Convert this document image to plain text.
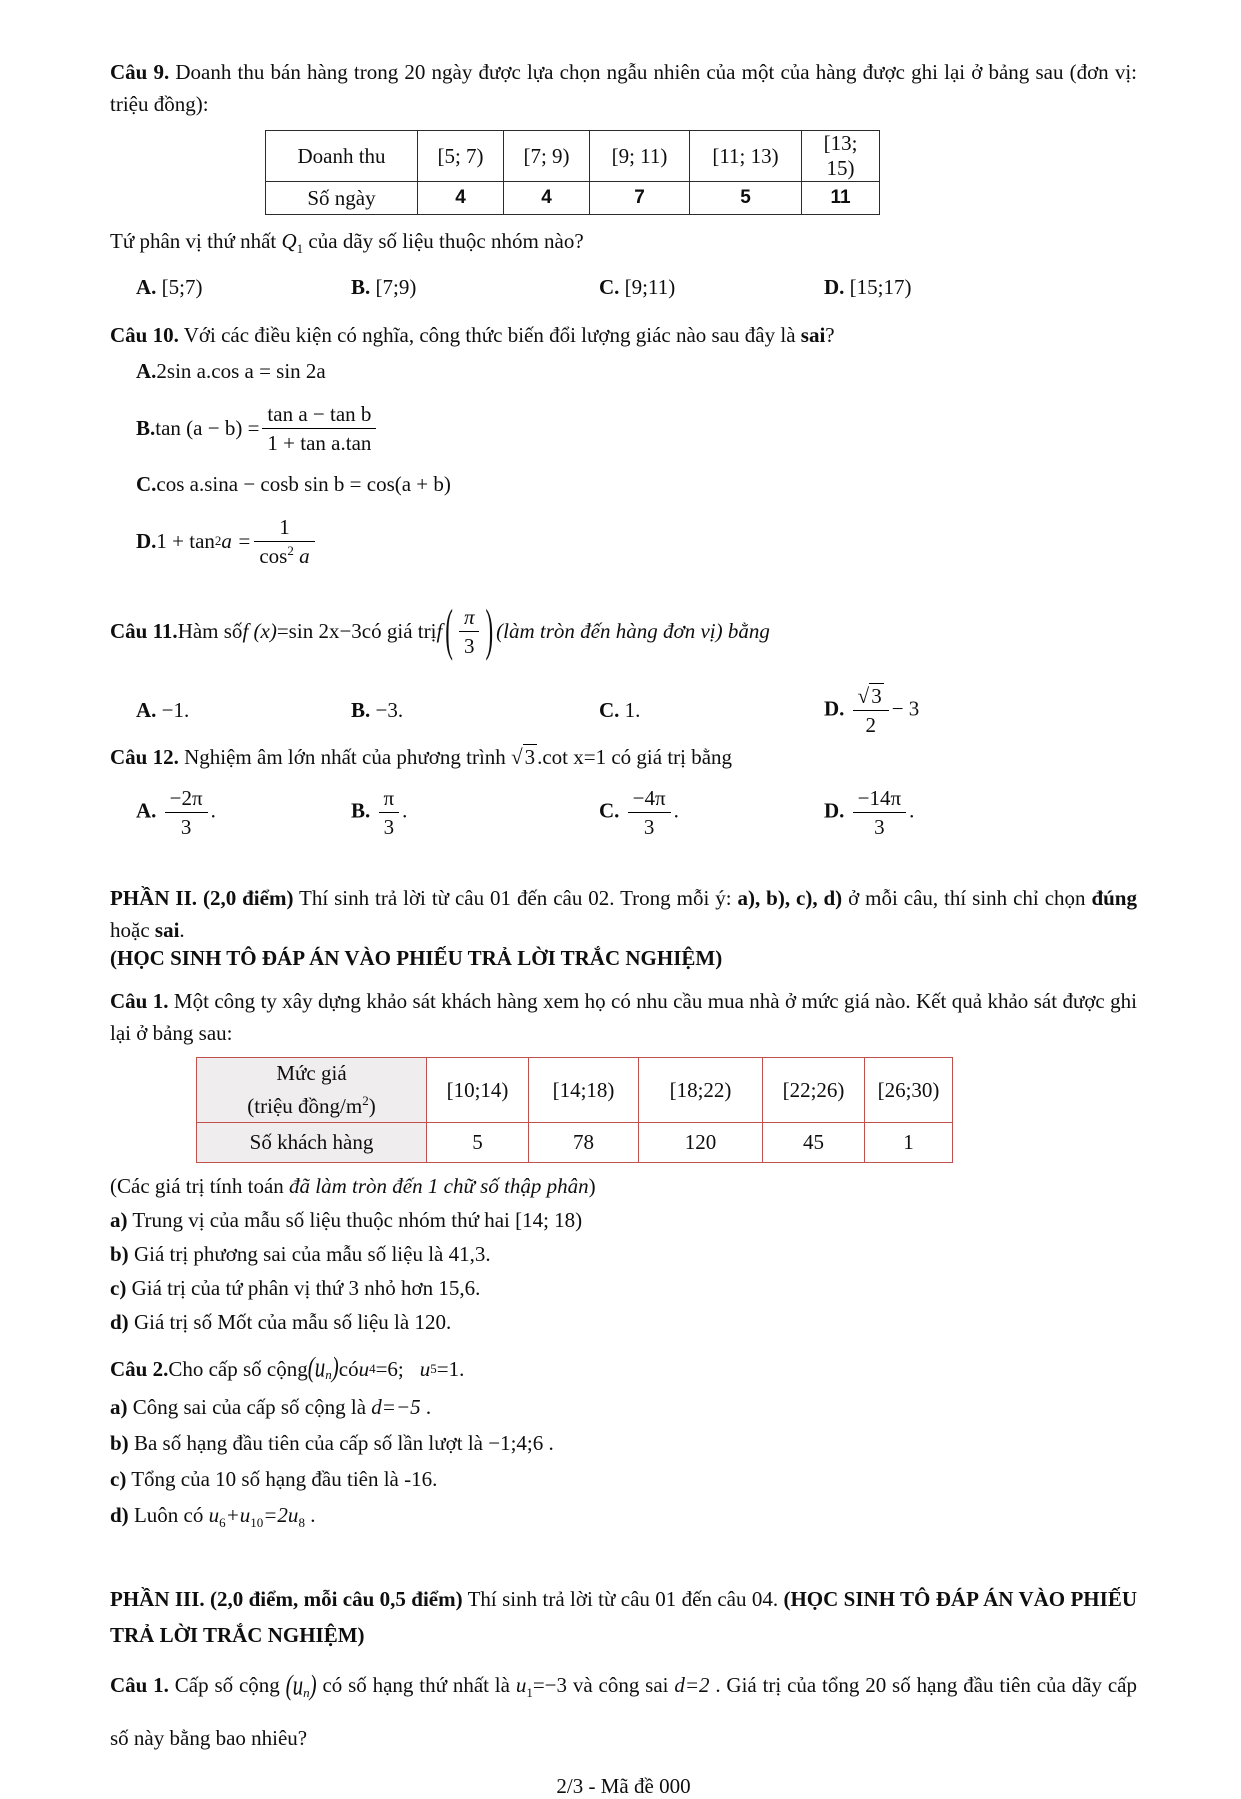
Câu 9. Doanh thu bán hàng trong 20 ngày được lựa chọn ngẫu nhiên của một của hàng được ghi lại ở bảng sau (đơn vị: triệu đồng):
Doanh thu	[5; 7)	[7; 9)	[9; 11)	[11; 13)	[13; 15)
Số ngày	4	4	7	5	11
Tứ phân vị thứ nhất $Q_1$ của dãy số liệu thuộc nhóm nào?
A. [5;7)	B. [7;9)	C. [9;11)	D. [15;17)
Câu 10. Với các điều kiện có nghĩa, công thức biến đổi lượng giác nào sau đây là sai?
A. 2sin a.cos a = sin 2a
B. $\tan (a - b) = \frac{\text{tan a − tan b}}{\text{1 + tan a.tan}}$
C. cos a.sina − cosb sin b = cos(a + b)
D. 1 + tan 2 $a = \frac{1}{\cos^2 a}$
Câu 11. Hàm số f (x) =sin 2x−3 có giá trị f ( $\frac{\pi}{3}$ ) ( làm tròn đến hàng đơn vị ) bằng
A. −1.	B. −3.	C. 1.	D. $\frac{√3}{2} - 3$
Câu 12. Nghiệm âm lớn nhất của phương trình √3.cot x=1 có giá trị bằng
A. $\frac{-2\pi}{3}$ .	B. $\frac{\pi}{3}$ .	C. $\frac{-4\pi}{3}$ .	D. $\frac{-14\pi}{3}$ .
PHẦN II. (2,0 điểm) Thí sinh trả lời từ câu 01 đến câu 02. Trong mỗi ý: a), b), c), d) ở mỗi câu, thí sinh chỉ chọn đúng hoặc sai.
(HỌC SINH TÔ ĐÁP ÁN VÀO PHIẾU TRẢ LỜI TRẮC NGHIỆM)
Câu 1. Một công ty xây dựng khảo sát khách hàng xem họ có nhu cầu mua nhà ở mức giá nào. Kết quả khảo sát được ghi lại ở bảng sau:
Mức giá
(triệu đồng/$m^2$)	[10;14)	[14;18)	[18;22)	[22;26)	[26;30)
Số khách hàng	5	78	120	45	1
(Các giá trị tính toán đã làm tròn đến 1 chữ số thập phân)
a) Trung vị của mẫu số liệu thuộc nhóm thứ hai [14; 18)
b) Giá trị phương sai của mẫu số liệu là 41,3.
c) Giá trị của tứ phân vị thứ 3 nhỏ hơn 15,6.
d) Giá trị số Mốt của mẫu số liệu là 120.
Câu 2. Cho cấp số cộng $(u_n)$ có u 4 =6; u 5 =1 .
a) Công sai của cấp số cộng là d=−5 .
b) Ba số hạng đầu tiên của cấp số lần lượt là −1;4;6 .
c) Tổng của 10 số hạng đầu tiên là -16.
d) Luôn có $u_6+u_{10}=2u_8$ .
PHẦN III. (2,0 điểm, mỗi câu 0,5 điểm) Thí sinh trả lời từ câu 01 đến câu 04. (HỌC SINH TÔ ĐÁP ÁN VÀO PHIẾU TRẢ LỜI TRẮC NGHIỆM)
Câu 1. Cấp số cộng $(u_n)$ có số hạng thứ nhất là $u_1=-3$ và công sai d=2 . Giá trị của tổng 20 số hạng đầu tiên của dãy cấp số này bằng bao nhiêu?
2/3 - Mã đề 000
